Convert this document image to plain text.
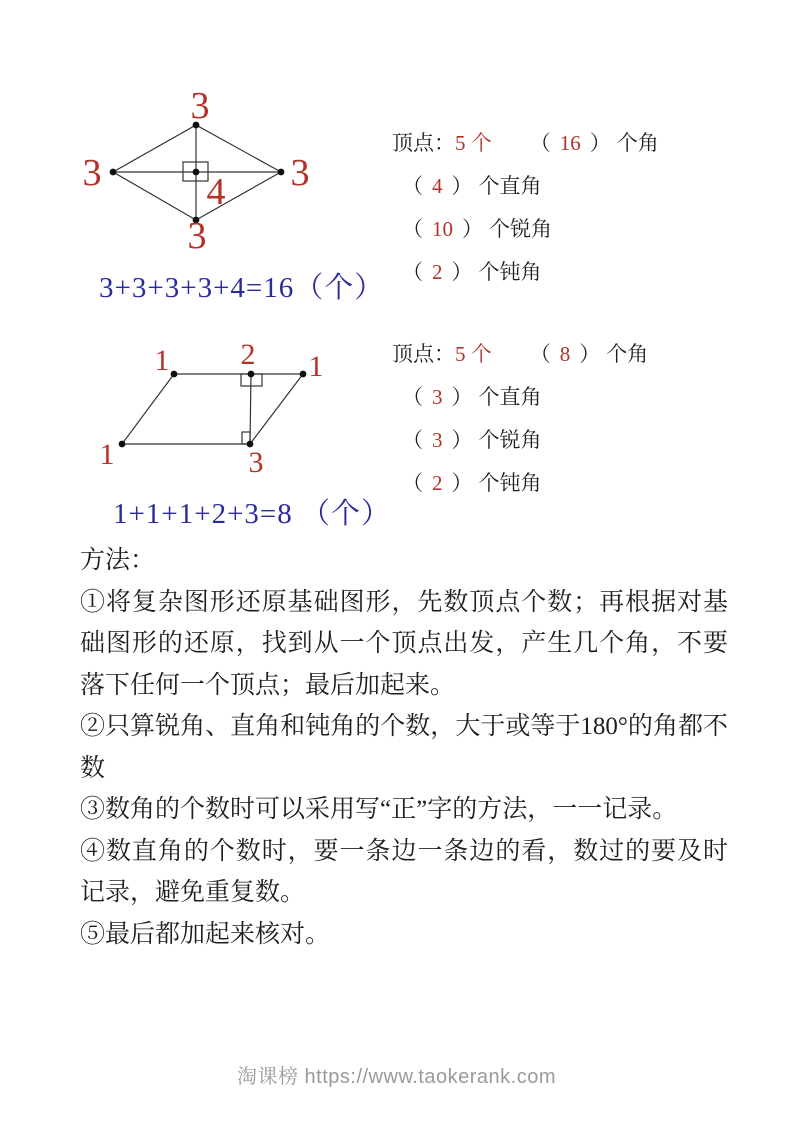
3
3	3
3
4
3+3+3+3+4=16（个）
顶点：5 个 （ 16 ） 个角
（ 4 ） 个直角
（ 10 ） 个锐角
（ 2 ） 个钝角
1 2 1
1	3
1+1+1+2+3=8 （个）
顶点：5 个 （ 8 ） 个角
（ 3 ） 个直角
（ 3 ） 个锐角
（ 2 ） 个钝角

方法：

①将复杂图形还原基础图形，先数顶点个数；再根据对基础图形的还原，找到从一个顶点出发，产生几个角，不要落下任何一个顶点；最后加起来。

②只算锐角、直角和钝角的个数，大于或等于180°的角都不数

③数角的个数时可以采用写“正”字的方法，一一记录。

④数直角的个数时，要一条边一条边的看，数过的要及时记录，避免重复数。

⑤最后都加起来核对。

淘课榜 https://www.taokerank.com
